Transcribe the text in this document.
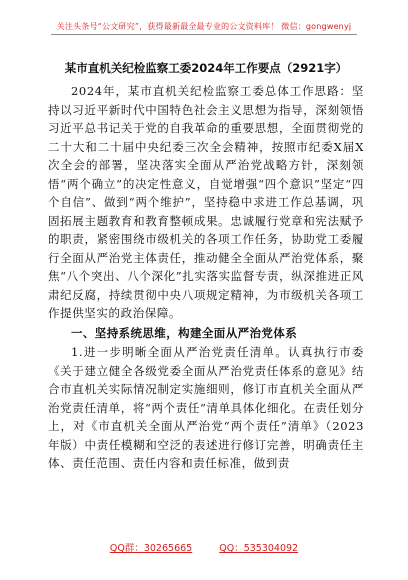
关注头条号“公文研究”，获得最新最全最专业的公文资料库！ 微信：gongwenyj
某市直机关纪检监察工委2024年工作要点（2921字）

2024年，某市直机关纪检监察工委总体工作思路：坚持以习近平新时代中国特色社会主义思想为指导，深刻领悟习近平总书记关于党的自我革命的重要思想，全面贯彻党的二十大和二十届中央纪委三次全会精神，按照市纪委X届X次全会的部署，坚决落实全面从严治党战略方针，深刻领悟“两个确立”的决定性意义，自觉增强“四个意识”坚定“四个自信”、做到“两个维护”，坚持稳中求进工作总基调，巩固拓展主题教育和教育整顿成果。忠诚履行党章和宪法赋予的职责，紧密围绕市级机关的各项工作任务，协助党工委履行全面从严治党主体责任，推动健全全面从严治党体系，聚焦“八个突出、八个深化”扎实落实监督专责，纵深推进正风肃纪反腐，持续贯彻中央八项规定精神，为市级机关各项工作提供坚实的政治保障。

一、坚持系统思维，构建全面从严治党体系

1.进一步明晰全面从严治党责任清单。认真执行市委《关于建立健全各级党委全面从严治党责任体系的意见》结合市直机关实际情况制定实施细则，修订市直机关全面从严治党责任清单，将“两个责任”清单具体化细化。在责任划分上，对《市直机关全面从严治党“两个责任”清单》（2023年版）中责任模糊和空泛的表述进行修订完善，明确责任主体、责任范围、责任内容和责任标准，做到责

QQ群：30265665	QQ：535304092
